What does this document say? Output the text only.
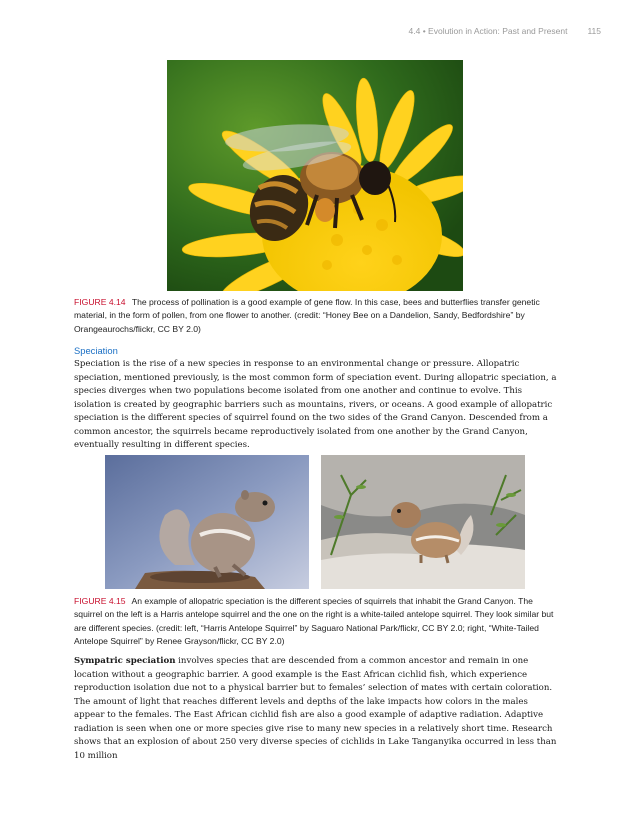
4.4 • Evolution in Action: Past and Present 115
FIGURE 4.14 The process of pollination is a good example of gene flow. In this case, bees and butterflies transfer genetic material, in the form of pollen, from one flower to another. (credit: “Honey Bee on a Dandelion, Sandy, Bedfordshire” by Orangeaurochs/flickr, CC BY 2.0)
Speciation
Speciation is the rise of a new species in response to an environmental change or pressure. Allopatric speciation, mentioned previously, is the most common form of speciation event. During allopatric speciation, a species diverges when two populations become isolated from one another and continue to evolve. This isolation is created by geographic barriers such as mountains, rivers, or oceans. A good example of allopatric speciation is the different species of squirrel found on the two sides of the Grand Canyon. Descended from a common ancestor, the squirrels became reproductively isolated from one another by the Grand Canyon, eventually resulting in different species.
FIGURE 4.15 An example of allopatric speciation is the different species of squirrels that inhabit the Grand Canyon. The squirrel on the left is a Harris antelope squirrel and the one on the right is a white-tailed antelope squirrel. They look similar but are different species. (credit: left, “Harris Antelope Squirrel” by Saguaro National Park/flickr, CC BY 2.0; right, “White-Tailed Antelope Squirrel” by Renee Grayson/flickr, CC BY 2.0)
Sympatric speciation involves species that are descended from a common ancestor and remain in one location without a geographic barrier. A good example is the East African cichlid fish, which experience reproduction isolation due not to a physical barrier but to females’ selection of mates with certain coloration. The amount of light that reaches different levels and depths of the lake impacts how colors in the males appear to the females. The East African cichlid fish are also a good example of adaptive radiation. Adaptive radiation is seen when one or more species give rise to many new species in a relatively short time. Research shows that an explosion of about 250 very diverse species of cichlids in Lake Tanganyika occurred in less than 10 million
